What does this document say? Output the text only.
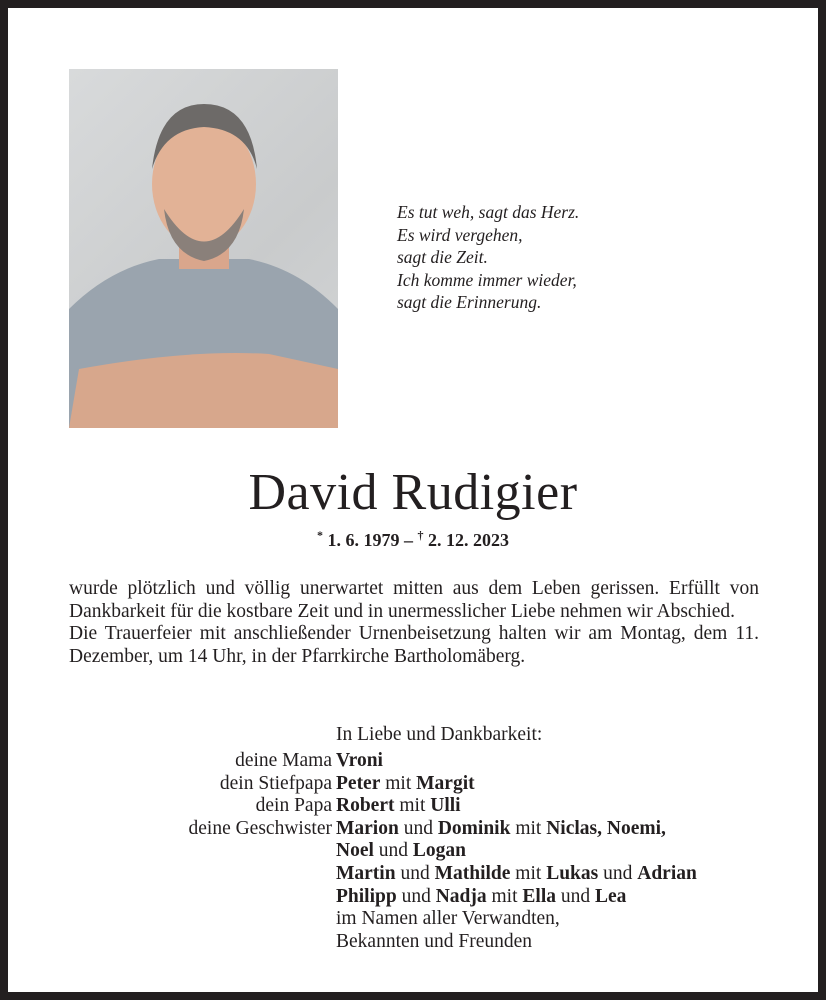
Es tut weh, sagt das Herz.
Es wird vergehen,
sagt die Zeit.
Ich komme immer wieder,
sagt die Erinnerung.
David Rudigier
* 1. 6. 1979 – † 2. 12. 2023

wurde plötzlich und völlig unerwartet mitten aus dem Leben gerissen. Erfüllt von Dankbarkeit für die kostbare Zeit und in unermesslicher Liebe nehmen wir Abschied.

Die Trauerfeier mit anschließender Urnenbeisetzung halten wir am Montag, dem 11. Dezember, um 14 Uhr, in der Pfarrkirche Bartholomäberg.

In Liebe und Dankbarkeit:
deine Mama Vroni
dein Stiefpapa Peter mit Margit
dein Papa Robert mit Ulli
deine Geschwister Marion und Dominik mit Niclas, Noemi,
Noel und Logan
Martin und Mathilde mit Lukas und Adrian
Philipp und Nadja mit Ella und Lea
im Namen aller Verwandten,
Bekannten und Freunden
